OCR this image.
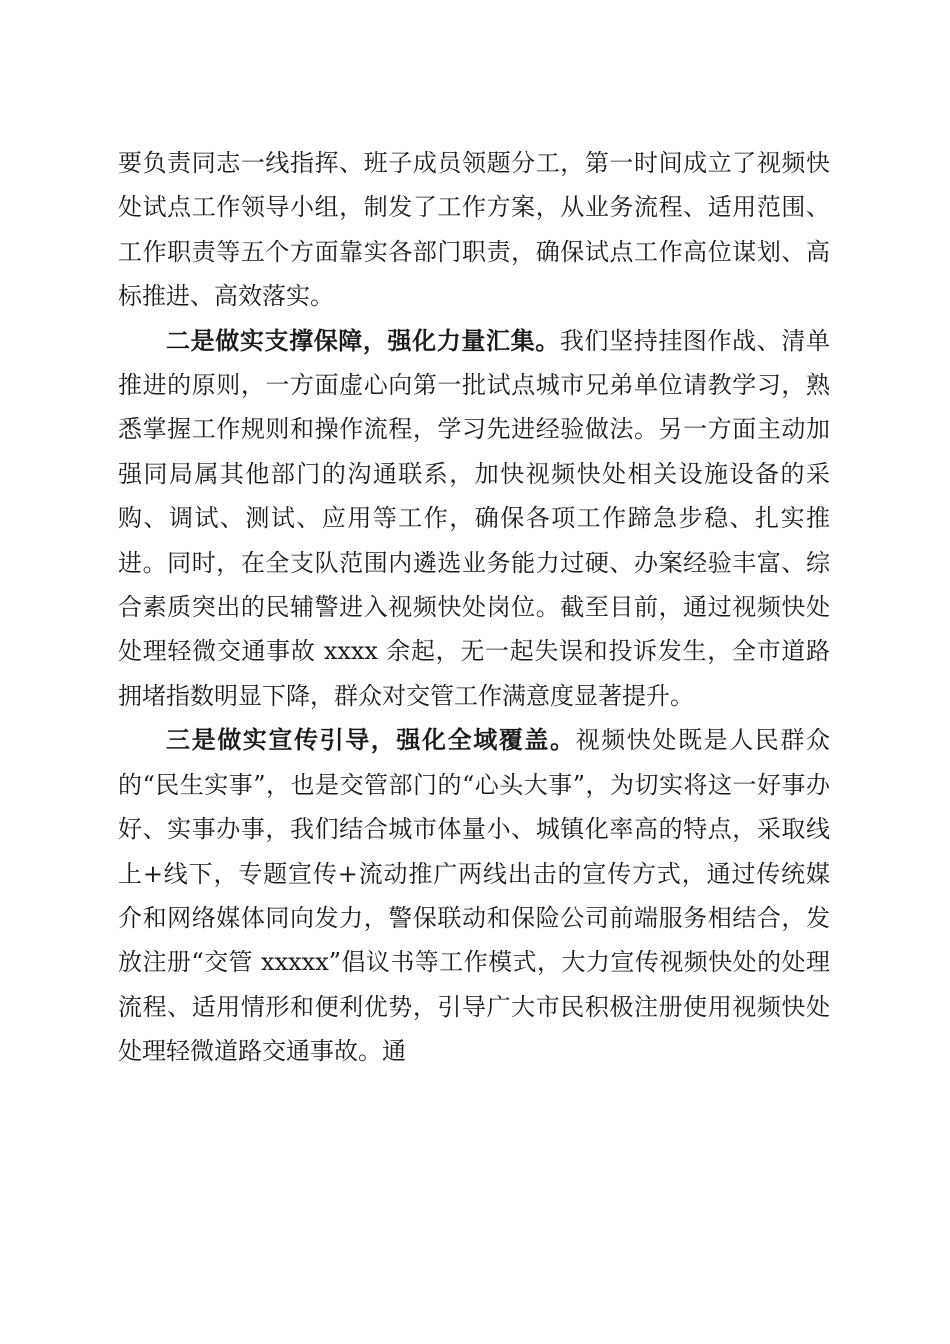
要负责同志一线指挥、班子成员领题分工，第一时间成立了视频快处试点工作领导小组，制发了工作方案，从业务流程、适用范围、工作职责等五个方面靠实各部门职责，确保试点工作高位谋划、高标推进、高效落实。

二是做实支撑保障，强化力量汇集。我们坚持挂图作战、清单推进的原则，一方面虚心向第一批试点城市兄弟单位请教学习，熟悉掌握工作规则和操作流程，学习先进经验做法。另一方面主动加强同局属其他部门的沟通联系，加快视频快处相关设施设备的采购、调试、测试、应用等工作，确保各项工作蹄急步稳、扎实推进。同时，在全支队范围内遴选业务能力过硬、办案经验丰富、综合素质突出的民辅警进入视频快处岗位。截至目前，通过视频快处处理轻微交通事故 xxxx 余起，无一起失误和投诉发生，全市道路拥堵指数明显下降，群众对交管工作满意度显著提升。

三是做实宣传引导，强化全域覆盖。视频快处既是人民群众的“民生实事”，也是交管部门的“心头大事”，为切实将这一好事办好、实事办事，我们结合城市体量小、城镇化率高的特点，采取线上+线下，专题宣传+流动推广两线出击的宣传方式，通过传统媒介和网络媒体同向发力，警保联动和保险公司前端服务相结合，发放注册“交管 xxxxx”倡议书等工作模式，大力宣传视频快处的处理流程、适用情形和便利优势，引导广大市民积极注册使用视频快处处理轻微道路交通事故。通
